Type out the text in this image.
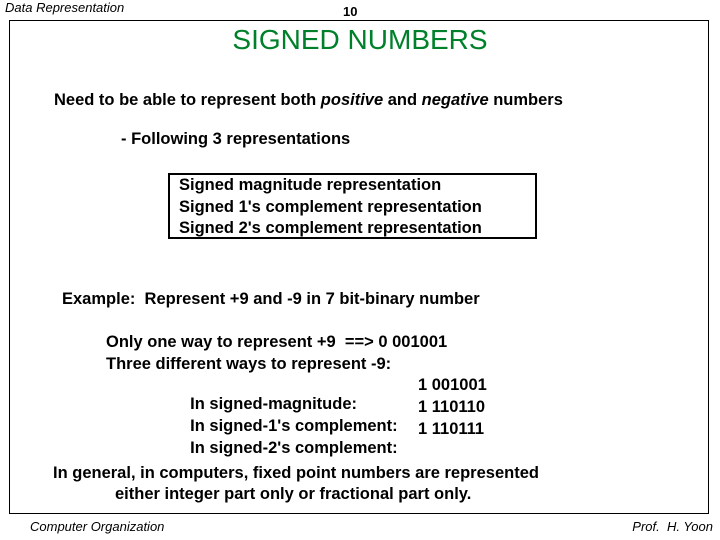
Data Representation	10
SIGNED NUMBERS
Need to be able to represent both positive and negative numbers
- Following 3 representations
Signed magnitude representation
Signed 1's complement representation
Signed 2's complement representation
Example:  Represent +9 and -9 in 7 bit-binary number
Only one way to represent +9  ==> 0 001001
Three different ways to represent -9:

In signed-magnitude:

1 001001

In signed-1's complement:

1 110110

In signed-2's complement:

1 110111
In general, in computers, fixed point numbers are represented
either integer part only or fractional part only.
Computer Organization	Prof.  H. Yoon
